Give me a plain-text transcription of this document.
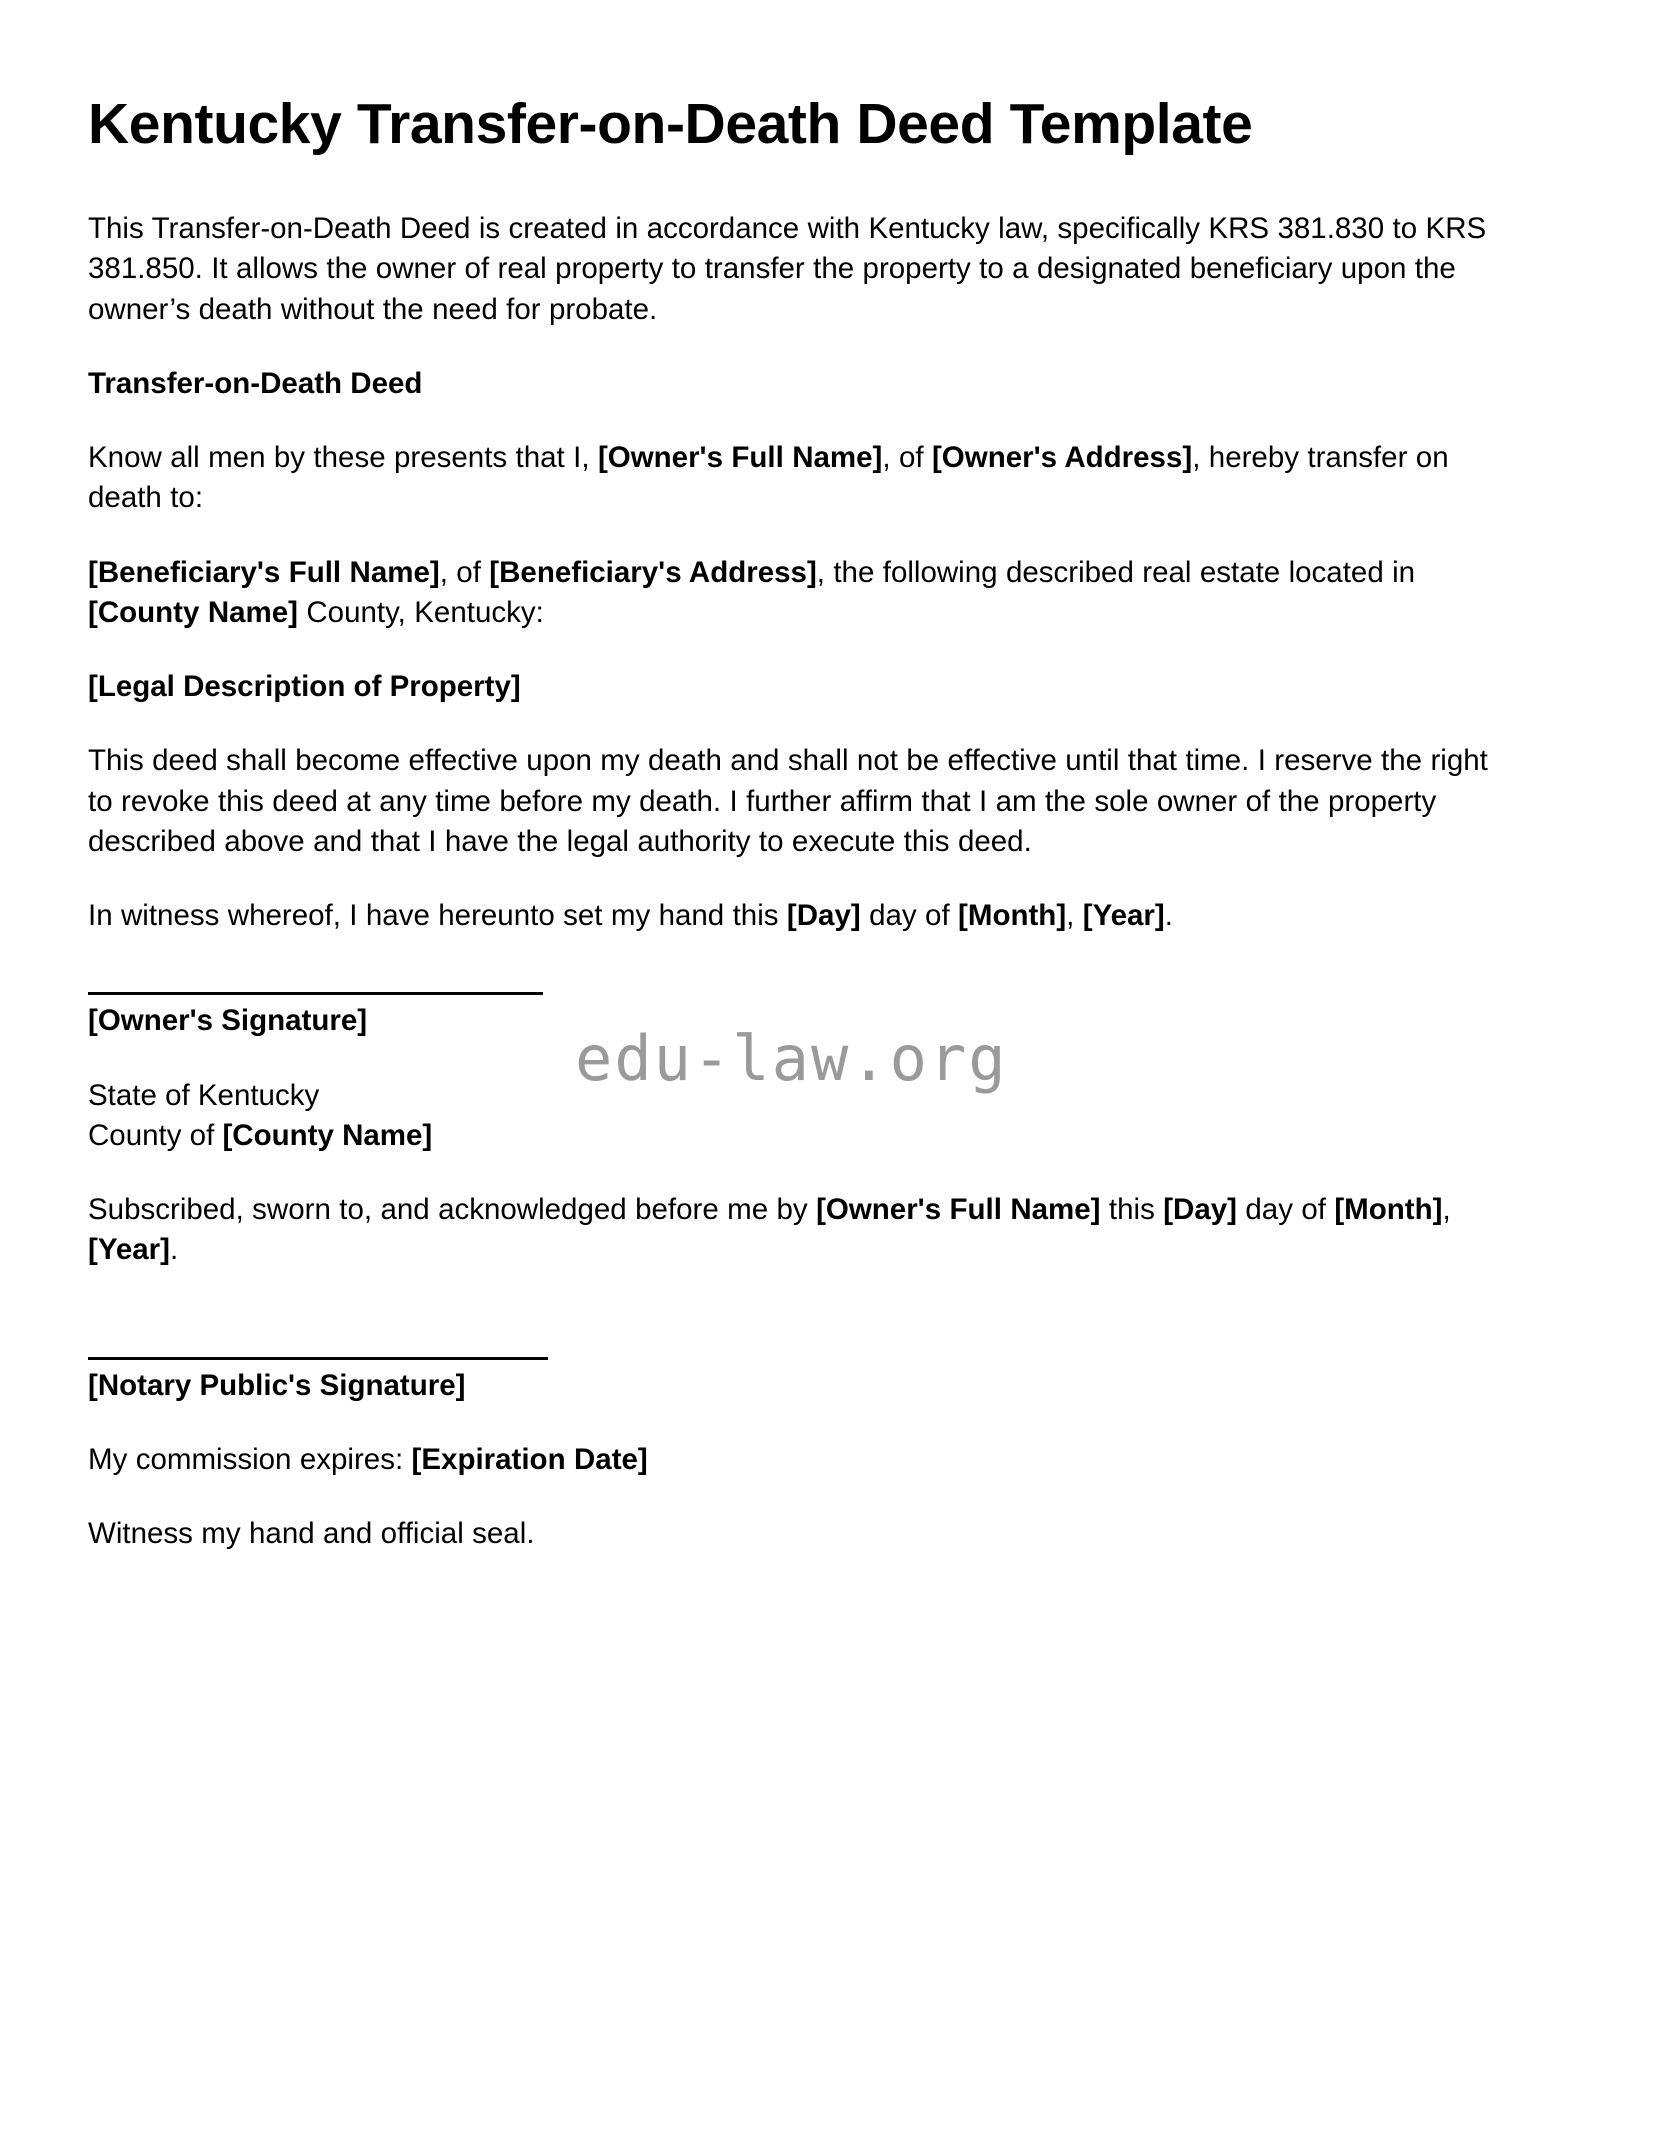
edu-law.org
Kentucky Transfer-on-Death Deed Template

This Transfer-on-Death Deed is created in accordance with Kentucky law, specifically KRS 381.830 to KRS 381.850. It allows the owner of real property to transfer the property to a designated beneficiary upon the owner’s death without the need for probate.

Transfer-on-Death Deed

Know all men by these presents that I, [Owner's Full Name], of [Owner's Address], hereby transfer on death to:

[Beneficiary's Full Name], of [Beneficiary's Address], the following described real estate located in [County Name] County, Kentucky:

[Legal Description of Property]

This deed shall become effective upon my death and shall not be effective until that time. I reserve the right to revoke this deed at any time before my death. I further affirm that I am the sole owner of the property described above and that I have the legal authority to execute this deed.

In witness whereof, I have hereunto set my hand this [Day] day of [Month], [Year].

[Owner's Signature]
State of Kentucky
County of [County Name]

Subscribed, sworn to, and acknowledged before me by [Owner's Full Name] this [Day] day of [Month], [Year].

[Notary Public's Signature]

My commission expires: [Expiration Date]

Witness my hand and official seal.
